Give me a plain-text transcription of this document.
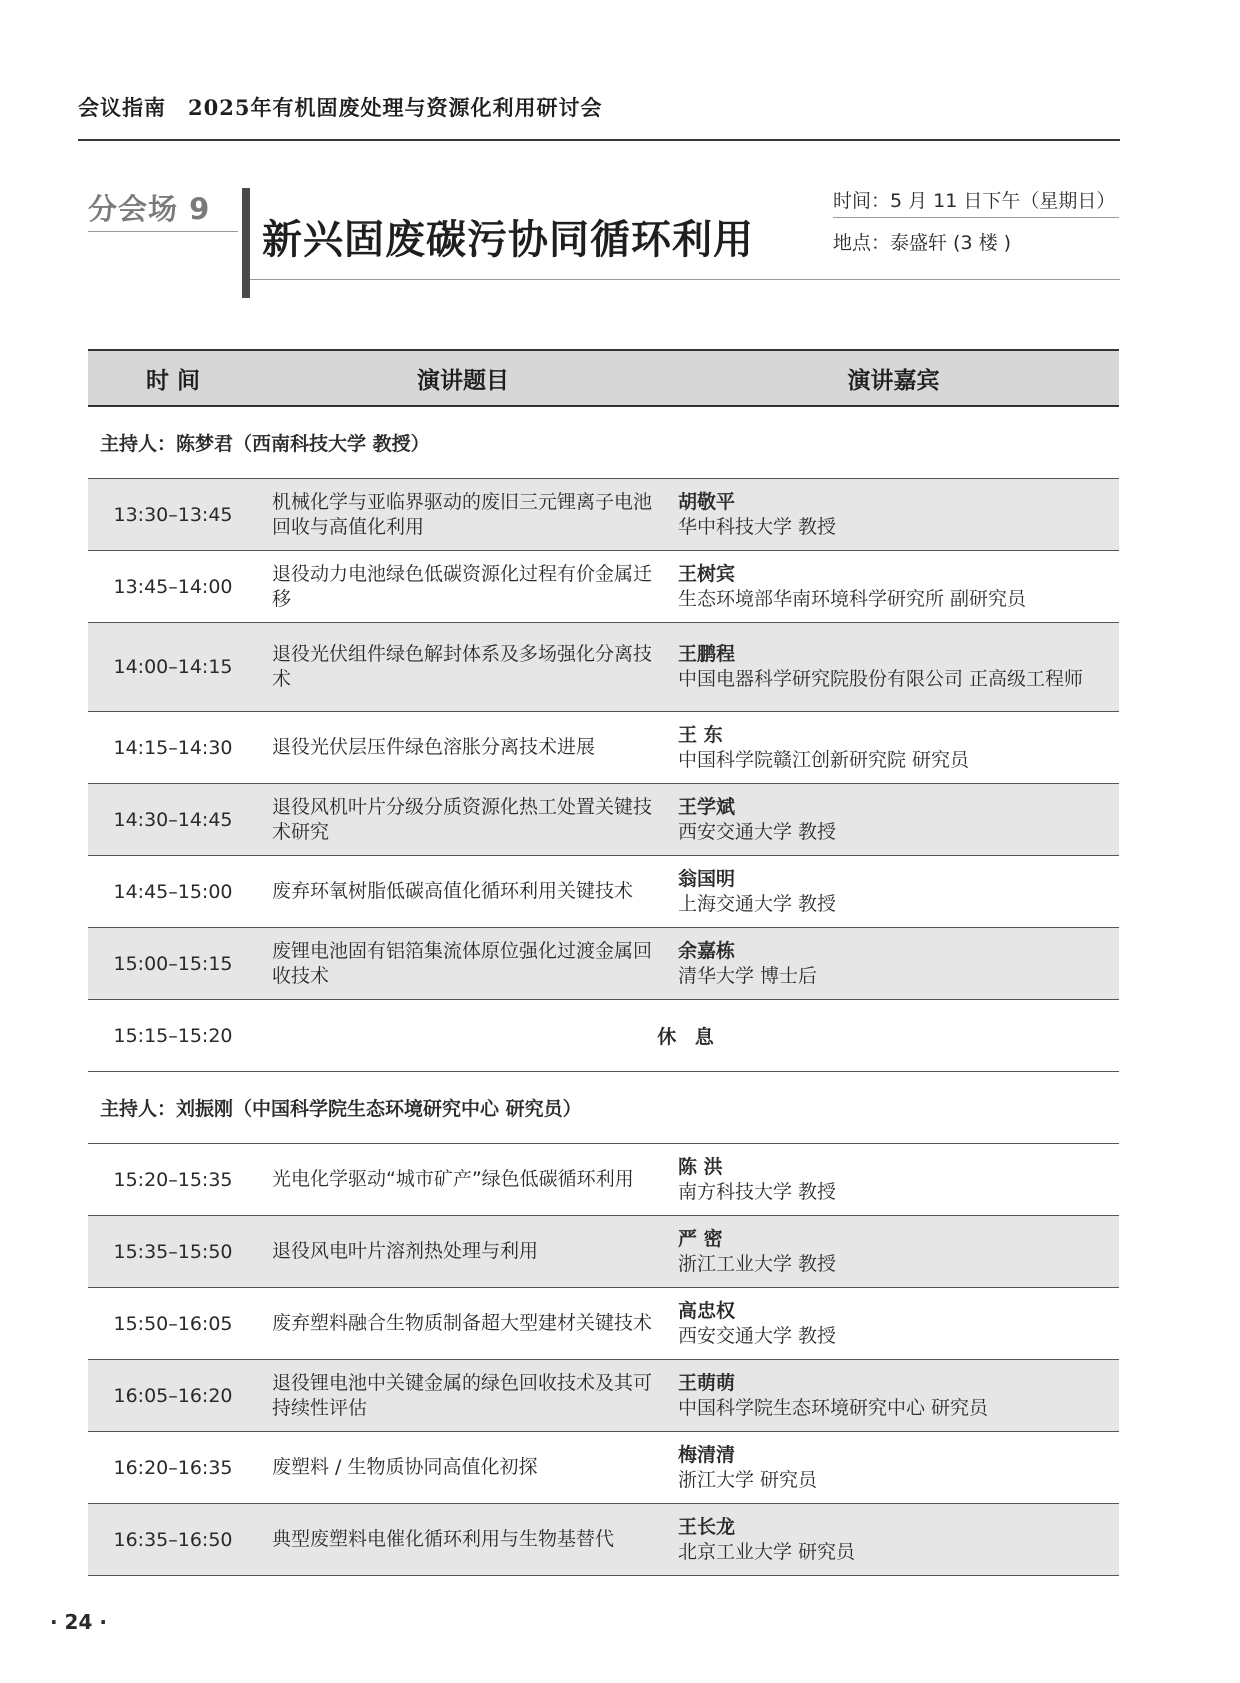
会议指南 2025年有机固废处理与资源化利用研讨会
分会场 9
新兴固废碳污协同循环利用
时间：5 月 11 日下午（星期日）
地点：泰盛轩 (3 楼 )
时 间	演讲题目	演讲嘉宾
主持人：陈梦君（西南科技大学 教授）		
13:30–13:45	机械化学与亚临界驱动的废旧三元锂离子电池回收与高值化利用	胡敬平
华中科技大学 教授

13:45–14:00	退役动力电池绿色低碳资源化过程有价金属迁移	王树宾
生态环境部华南环境科学研究所 副研究员

14:00–14:15	退役光伏组件绿色解封体系及多场强化分离技术	王鹏程
中国电器科学研究院股份有限公司 正高级工程师

14:15–14:30	退役光伏层压件绿色溶胀分离技术进展	王 东
中国科学院赣江创新研究院 研究员

14:30–14:45	退役风机叶片分级分质资源化热工处置关键技术研究	王学斌
西安交通大学 教授

14:45–15:00	废弃环氧树脂低碳高值化循环利用关键技术	翁国明
上海交通大学 教授

15:00–15:15	废锂电池固有铝箔集流体原位强化过渡金属回收技术	余嘉栋
清华大学 博士后

15:15–15:20	休 息	
主持人：刘振刚（中国科学院生态环境研究中心 研究员）		
15:20–15:35	光电化学驱动“城市矿产”绿色低碳循环利用	陈 洪
南方科技大学 教授

15:35–15:50	退役风电叶片溶剂热处理与利用	严 密
浙江工业大学 教授

15:50–16:05	废弃塑料融合生物质制备超大型建材关键技术	高忠权
西安交通大学 教授

16:05–16:20	退役锂电池中关键金属的绿色回收技术及其可持续性评估	王萌萌
中国科学院生态环境研究中心 研究员

16:20–16:35	废塑料 / 生物质协同高值化初探	梅清清
浙江大学 研究员

16:35–16:50	典型废塑料电催化循环利用与生物基替代	王长龙
北京工业大学 研究员
· 24 ·
